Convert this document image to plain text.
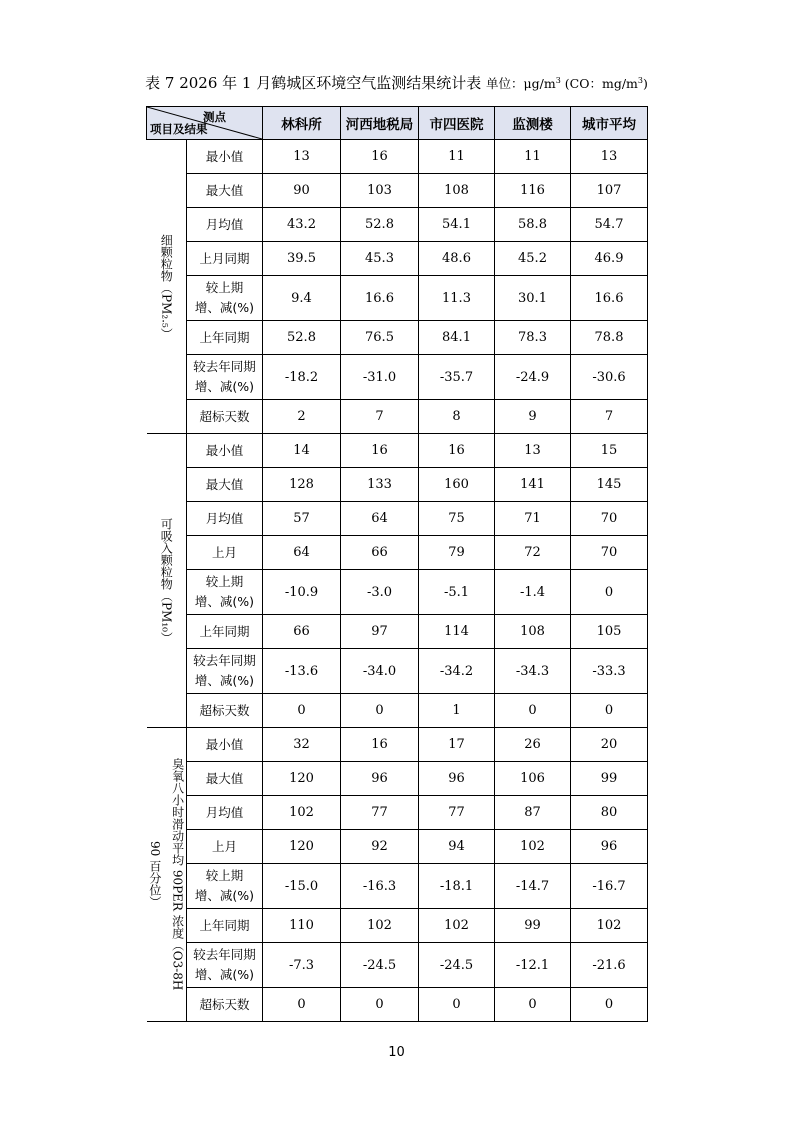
表 7 2026 年 1 月鹤城区环境空气监测结果统计表 单位：$\mu g/m^3$ (CO：$mg/m^3$)
测点
项目及结果		林科所	河西地税局	市四医院	监测楼	城市平均

细颗粒物（PM₂.₅）	最小值	13	16	11	11	13
	最大值	90	103	108	116	107
	月均值	43.2	52.8	54.1	58.8	54.7
	上月同期	39.5	45.3	48.6	45.2	46.9
	较上期
增、减(%)	9.4	16.6	11.3	30.1	16.6
	上年同期	52.8	76.5	84.1	78.3	78.8
	较去年同期
增、减(%)	-18.2	-31.0	-35.7	-24.9	-30.6
	超标天数	2	7	8	9	7

可吸入颗粒物（PM₁₀）	最小值	14	16	16	13	15
	最大值	128	133	160	141	145
	月均值	57	64	75	71	70
	上月	64	66	79	72	70
	较上期
增、减(%)	-10.9	-3.0	-5.1	-1.4	0
	上年同期	66	97	114	108	105
	较去年同期
增、减(%)	-13.6	-34.0	-34.2	-34.3	-33.3
	超标天数	0	0	1	0	0

臭氧八小时滑动平均 90PER 浓度（O3-8H
90 百分位）	最小值	32	16	17	26	20
	最大值	120	96	96	106	99
	月均值	102	77	77	87	80
	上月	120	92	94	102	96
	较上期
增、减(%)	-15.0	-16.3	-18.1	-14.7	-16.7
	上年同期	110	102	102	99	102
	较去年同期
增、减(%)	-7.3	-24.5	-24.5	-12.1	-21.6
	超标天数	0	0	0	0	0
10
